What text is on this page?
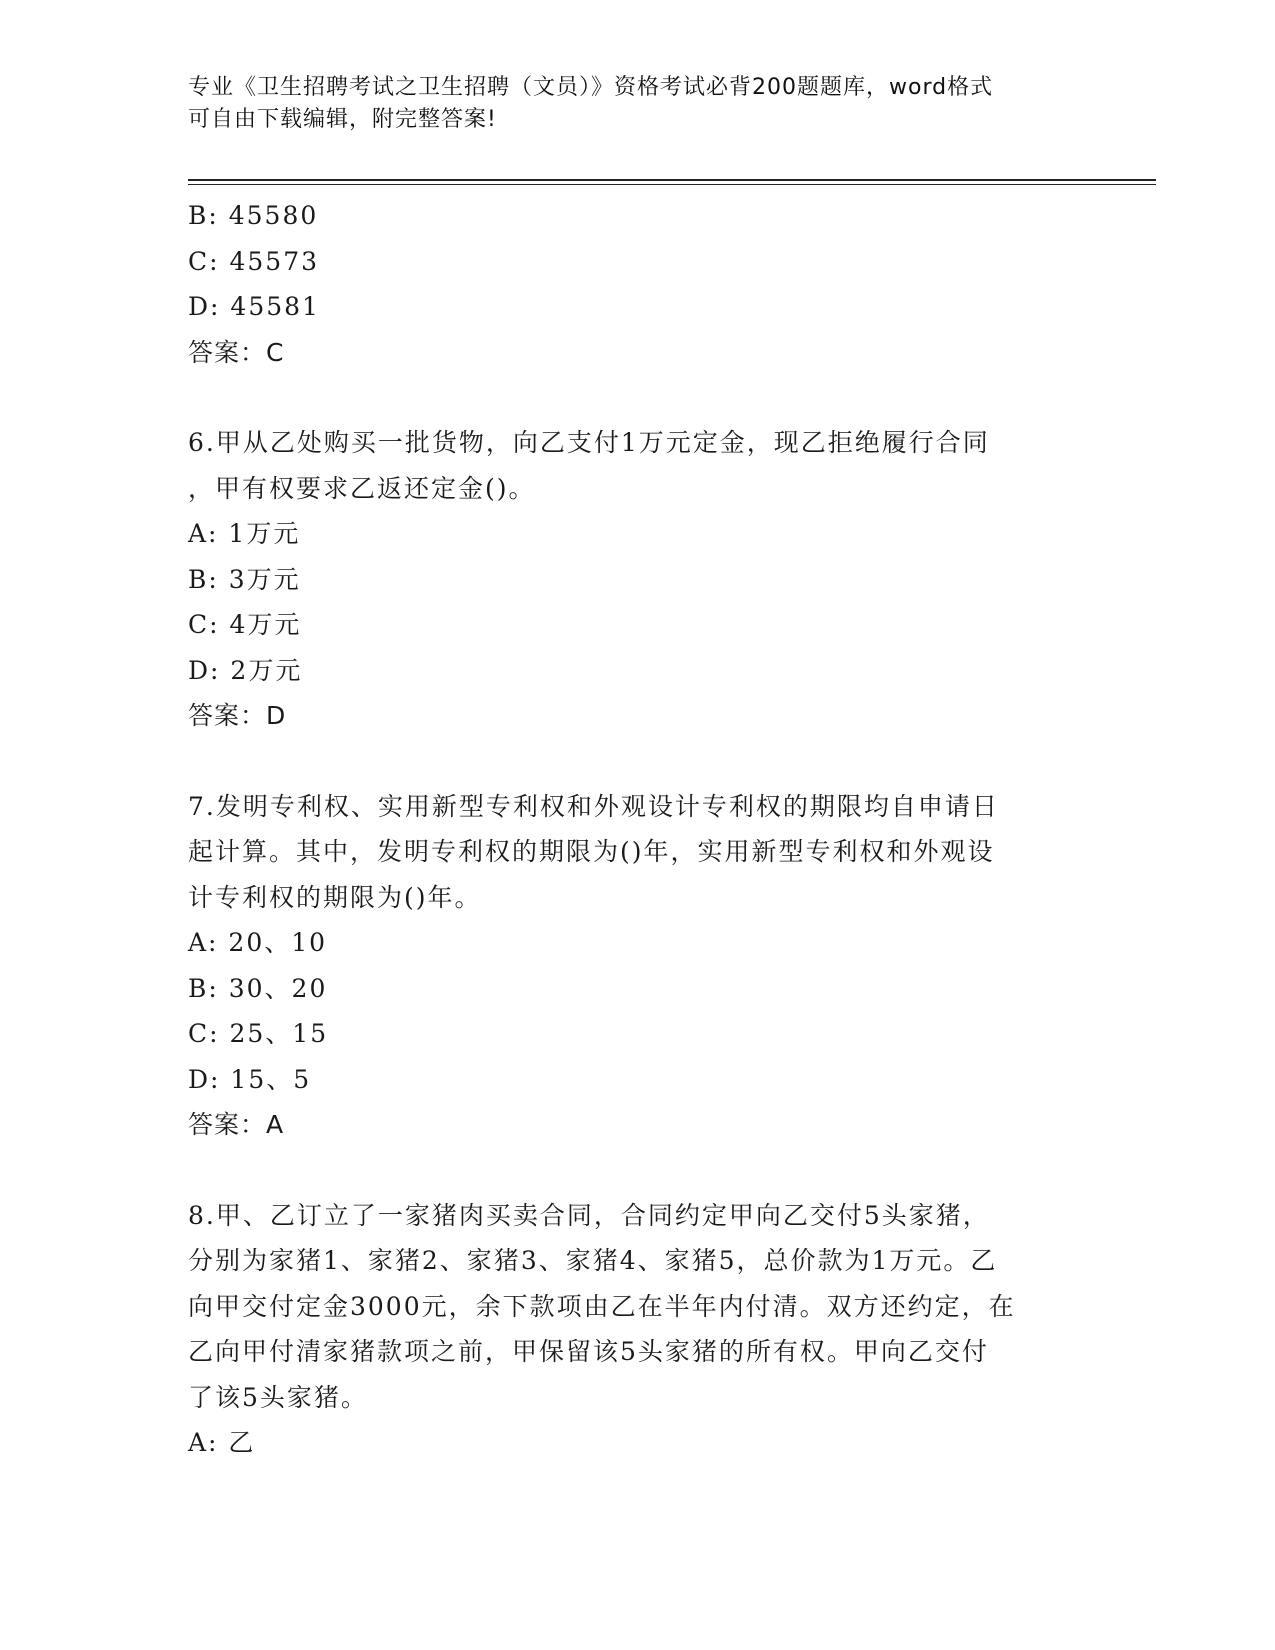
专业《卫生招聘考试之卫生招聘（文员）》资格考试必背200题题库，word格式
可自由下载编辑，附完整答案!
B: 45580
C: 45573
D: 45581
答案：C
6.甲从乙处购买一批货物，向乙支付1万元定金，现乙拒绝履行合同
，甲有权要求乙返还定金()。
A: 1万元
B: 3万元
C: 4万元
D: 2万元
答案：D
7.发明专利权、实用新型专利权和外观设计专利权的期限均自申请日
起计算。其中，发明专利权的期限为()年，实用新型专利权和外观设
计专利权的期限为()年。
A: 20、10
B: 30、20
C: 25、15
D: 15、5
答案：A
8.甲、乙订立了一家猪肉买卖合同，合同约定甲向乙交付5头家猪，
分别为家猪1、家猪2、家猪3、家猪4、家猪5，总价款为1万元。乙
向甲交付定金3000元，余下款项由乙在半年内付清。双方还约定，在
乙向甲付清家猪款项之前，甲保留该5头家猪的所有权。甲向乙交付
了该5头家猪。
A: 乙
